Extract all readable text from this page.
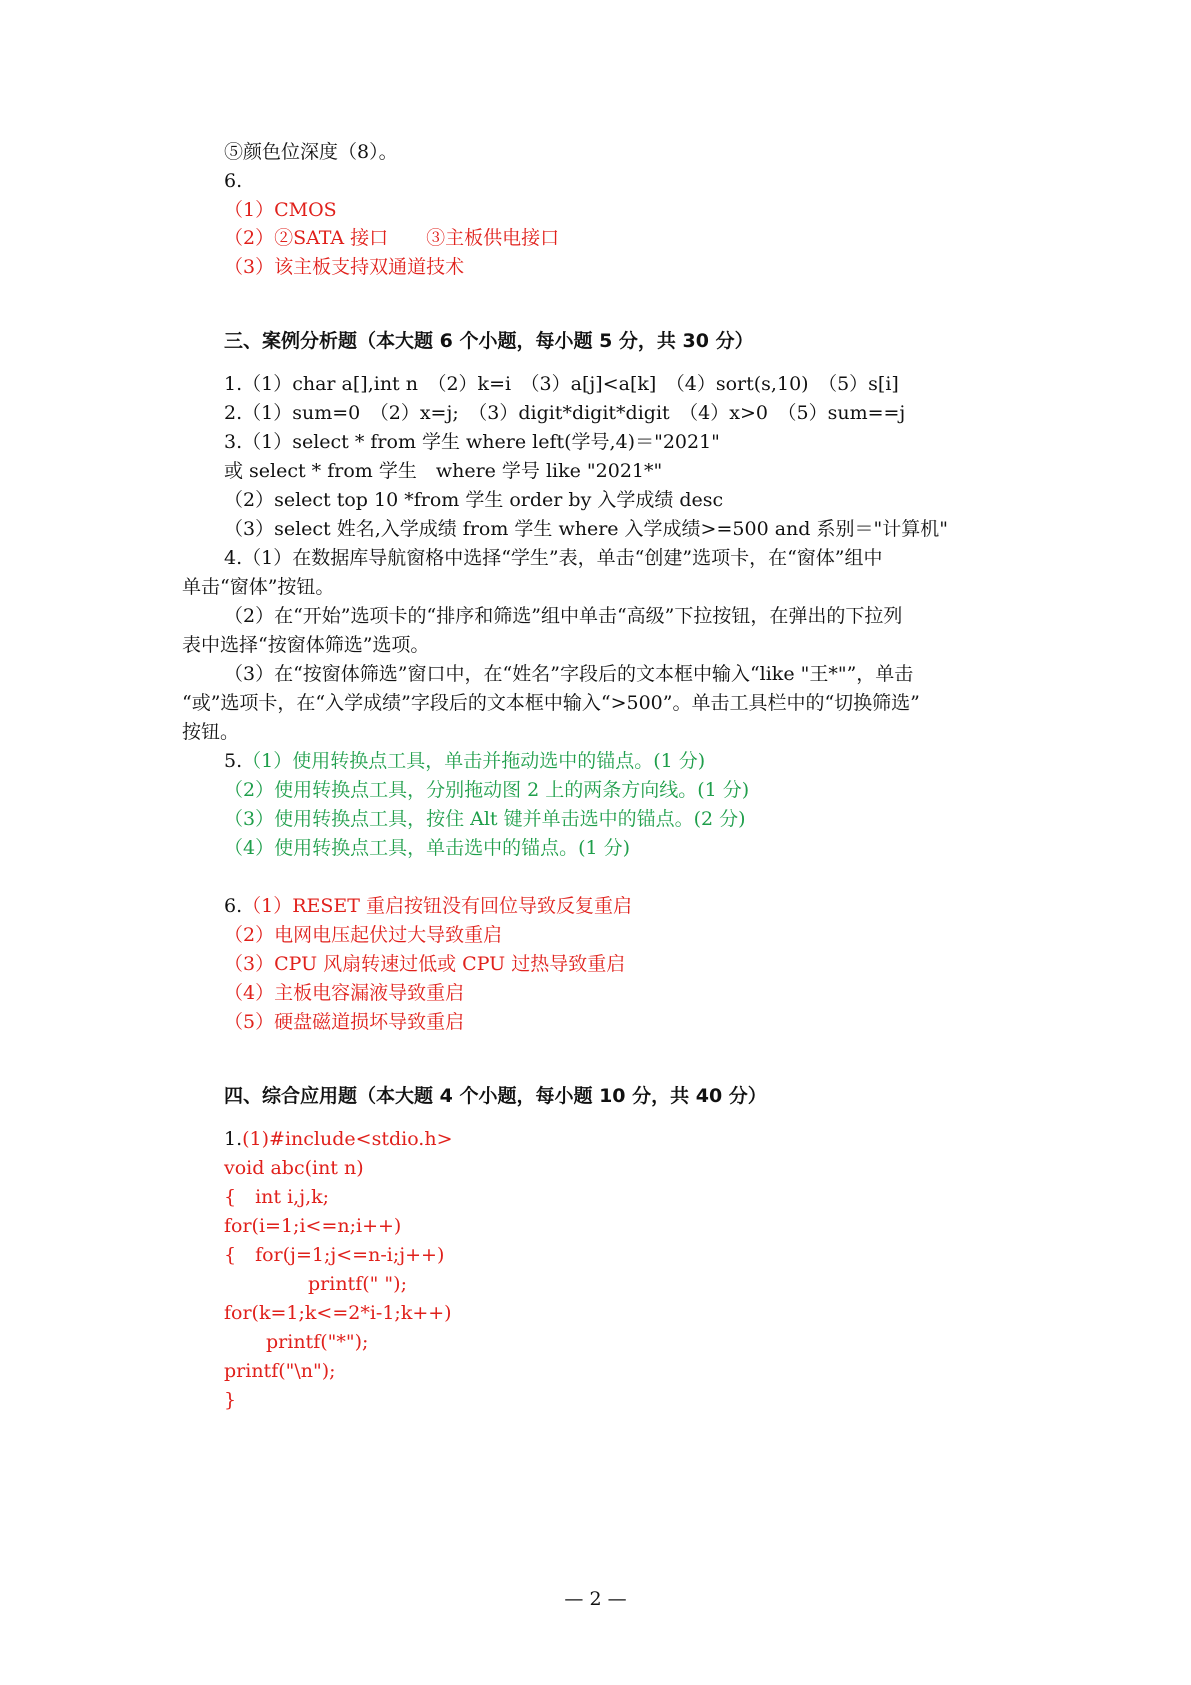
⑤颜色位深度（8）。
6.
（1）CMOS
（2）②SATA 接口　　③主板供电接口
（3）该主板支持双通道技术
三、案例分析题（本大题 6 个小题，每小题 5 分，共 30 分）
1.（1）char a[],int n　（2）k=i　（3）a[j]<a[k]　（4）sort(s,10)　（5）s[i]
2.（1）sum=0　（2）x=j;　（3）digit*digit*digit　（4）x>0　（5）sum==j
3.（1）select * from 学生 where left(学号,4)＝"2021"
或 select * from 学生　where 学号 like "2021*"
（2）select top 10 *from 学生 order by 入学成绩 desc
（3）select 姓名,入学成绩 from 学生 where 入学成绩>=500 and 系别＝"计算机"
4.（1）在数据库导航窗格中选择“学生”表，单击“创建”选项卡，在“窗体”组中
单击“窗体”按钮。
（2）在“开始”选项卡的“排序和筛选”组中单击“高级”下拉按钮，在弹出的下拉列
表中选择“按窗体筛选”选项。
（3）在“按窗体筛选”窗口中，在“姓名”字段后的文本框中输入“like "王*"”，单击
“或”选项卡，在“入学成绩”字段后的文本框中输入“>500”。单击工具栏中的“切换筛选”
按钮。
5.（1）使用转换点工具，单击并拖动选中的锚点。(1 分)
（2）使用转换点工具，分别拖动图 2 上的两条方向线。(1 分)
（3）使用转换点工具，按住 Alt 键并单击选中的锚点。(2 分)
（4）使用转换点工具，单击选中的锚点。(1 分)
6.（1）RESET 重启按钮没有回位导致反复重启
（2）电网电压起伏过大导致重启
（3）CPU 风扇转速过低或 CPU 过热导致重启
（4）主板电容漏液导致重启
（5）硬盘磁道损坏导致重启
四、综合应用题（本大题 4 个小题，每小题 10 分，共 40 分）
1.(1)#include<stdio.h>
void abc(int n)
{　int i,j,k;
for(i=1;i<=n;i++)
{　for(j=1;j<=n-i;j++)
printf(" ");
for(k=1;k<=2*i-1;k++)
printf("*");
printf("\n");
}
— 2 —
